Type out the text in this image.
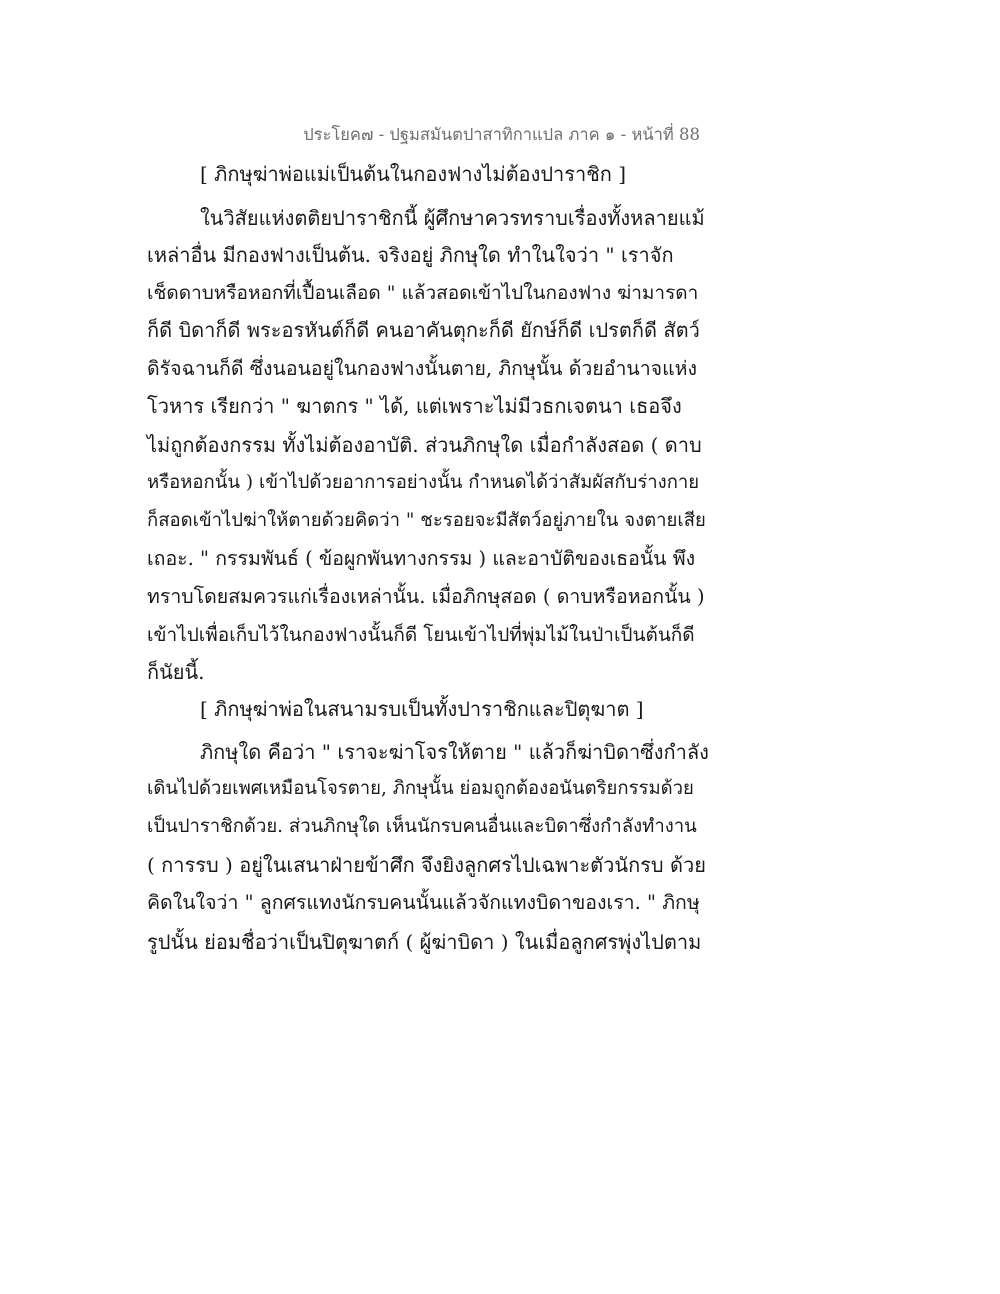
ประโยค๗ - ปฐมสมันตปาสาทิกาแปล ภาค ๑ - หน้าที่ 88
[ ภิกษุฆ่าพ่อแม่เป็นต้นในกองฟางไม่ต้องปาราชิก ]
ในวิสัยแห่งตติยปาราชิกนี้ ผู้ศึกษาควรทราบเรื่องทั้งหลายแม้
เหล่าอื่น มีกองฟางเป็นต้น. จริงอยู่ ภิกษุใด ทำในใจว่า " เราจัก
เช็ดดาบหรือหอกที่เปื้อนเลือด " แล้วสอดเข้าไปในกองฟาง ฆ่ามารดา
ก็ดี บิดาก็ดี พระอรหันต์ก็ดี คนอาคันตุกะก็ดี ยักษ์ก็ดี เปรตก็ดี สัตว์
ดิรัจฉานก็ดี ซึ่งนอนอยู่ในกองฟางนั้นตาย, ภิกษุนั้น ด้วยอำนาจแห่ง
โวหาร เรียกว่า " ฆาตกร " ได้, แต่เพราะไม่มีวธกเจตนา เธอจึง
ไม่ถูกต้องกรรม ทั้งไม่ต้องอาบัติ. ส่วนภิกษุใด เมื่อกำลังสอด ( ดาบ
หรือหอกนั้น ) เข้าไปด้วยอาการอย่างนั้น กำหนดได้ว่าสัมผัสกับร่างกาย
ก็สอดเข้าไปฆ่าให้ตายด้วยคิดว่า " ชะรอยจะมีสัตว์อยู่ภายใน จงตายเสีย
เถอะ. " กรรมพันธ์ ( ข้อผูกพันทางกรรม ) และอาบัติของเธอนั้น พึง
ทราบโดยสมควรแก่เรื่องเหล่านั้น. เมื่อภิกษุสอด ( ดาบหรือหอกนั้น )
เข้าไปเพื่อเก็บไว้ในกองฟางนั้นก็ดี โยนเข้าไปที่พุ่มไม้ในป่าเป็นต้นก็ดี
ก็นัยนี้.
[ ภิกษุฆ่าพ่อในสนามรบเป็นทั้งปาราชิกและปิตุฆาต ]
ภิกษุใด คือว่า " เราจะฆ่าโจรให้ตาย " แล้วก็ฆ่าบิดาซึ่งกำลัง
เดินไปด้วยเพศเหมือนโจรตาย, ภิกษุนั้น ย่อมถูกต้องอนันตริยกรรมด้วย
เป็นปาราชิกด้วย. ส่วนภิกษุใด เห็นนักรบคนอื่นและบิดาซึ่งกำลังทำงาน
( การรบ ) อยู่ในเสนาฝ่ายข้าศึก จึงยิงลูกศรไปเฉพาะตัวนักรบ ด้วย
คิดในใจว่า " ลูกศรแทงนักรบคนนั้นแล้วจักแทงบิดาของเรา. " ภิกษุ
รูปนั้น ย่อมชื่อว่าเป็นปิตุฆาตก์ ( ผู้ฆ่าบิดา ) ในเมื่อลูกศรพุ่งไปตาม
